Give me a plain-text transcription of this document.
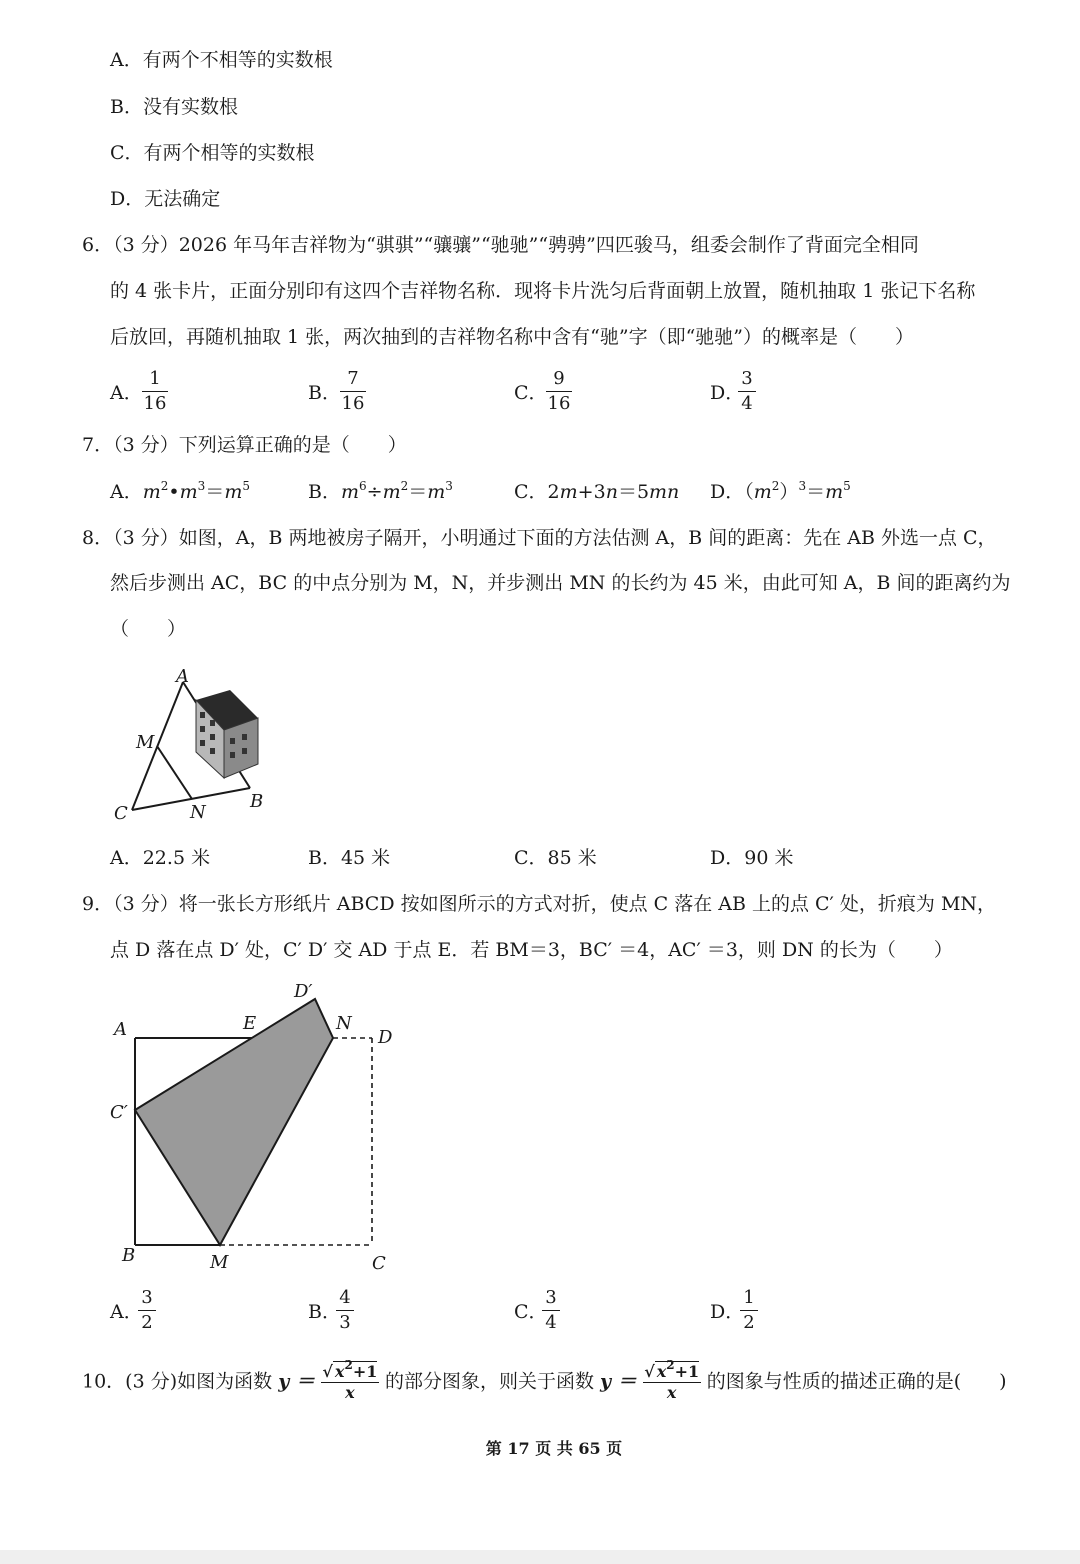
A．有两个不相等的实数根
B．没有实数根
C．有两个相等的实数根
D．无法确定
6．（3 分）2026 年马年吉祥物为“骐骐”“骧骧”“驰驰”“骋骋”四匹骏马，组委会制作了背面完全相同
的 4 张卡片，正面分别印有这四个吉祥物名称．现将卡片洗匀后背面朝上放置，随机抽取 1 张记下名称
后放回，再随机抽取 1 张，两次抽到的吉祥物名称中含有“驰”字（即“驰驰”）的概率是（　　）
A．
1
16	B．
7
16	C．
9
16	D．
3
4
7．（3 分）下列运算正确的是（　　）
A．$m^2•m^3=m^5$	B．$m^6\div m^2=m^3$	C．2m+3n＝5mn D．$(m^2)^3=m^5$
8．（3 分）如图，A，B 两地被房子隔开，小明通过下面的方法估测 A，B 间的距离：先在 AB 外选一点 C，
然后步测出 AC，BC 的中点分别为 M，N，并步测出 MN 的长约为 45 米，由此可知 A，B 间的距离约为
（　　）
A
M
C	N
B
A．22.5 米	B．45 米	C．85 米	D．90 米
9．（3 分）将一张长方形纸片 ABCD 按如图所示的方式对折，使点 C 落在 AB 上的点 C′ 处，折痕为 MN，
点 D 落在点 D′ 处，C′ D′ 交 AD 于点 E．若 BM＝3，BC′ ＝4，AC′ ＝3，则 DN 的长为（　　）
D′
A	E	N
D
C′
B	M	C
A．
3
2	B．
4
3	C．
3
4	D．
1
2
10．(3 分)如图为函数 $y = \frac{√ x^2+1}{x}$ 的部分图象，则关于函数 $y = \frac{√ x^2+1}{x}$ 的图象与性质的描述正确的是(　　)
第 17 页 共 65 页
